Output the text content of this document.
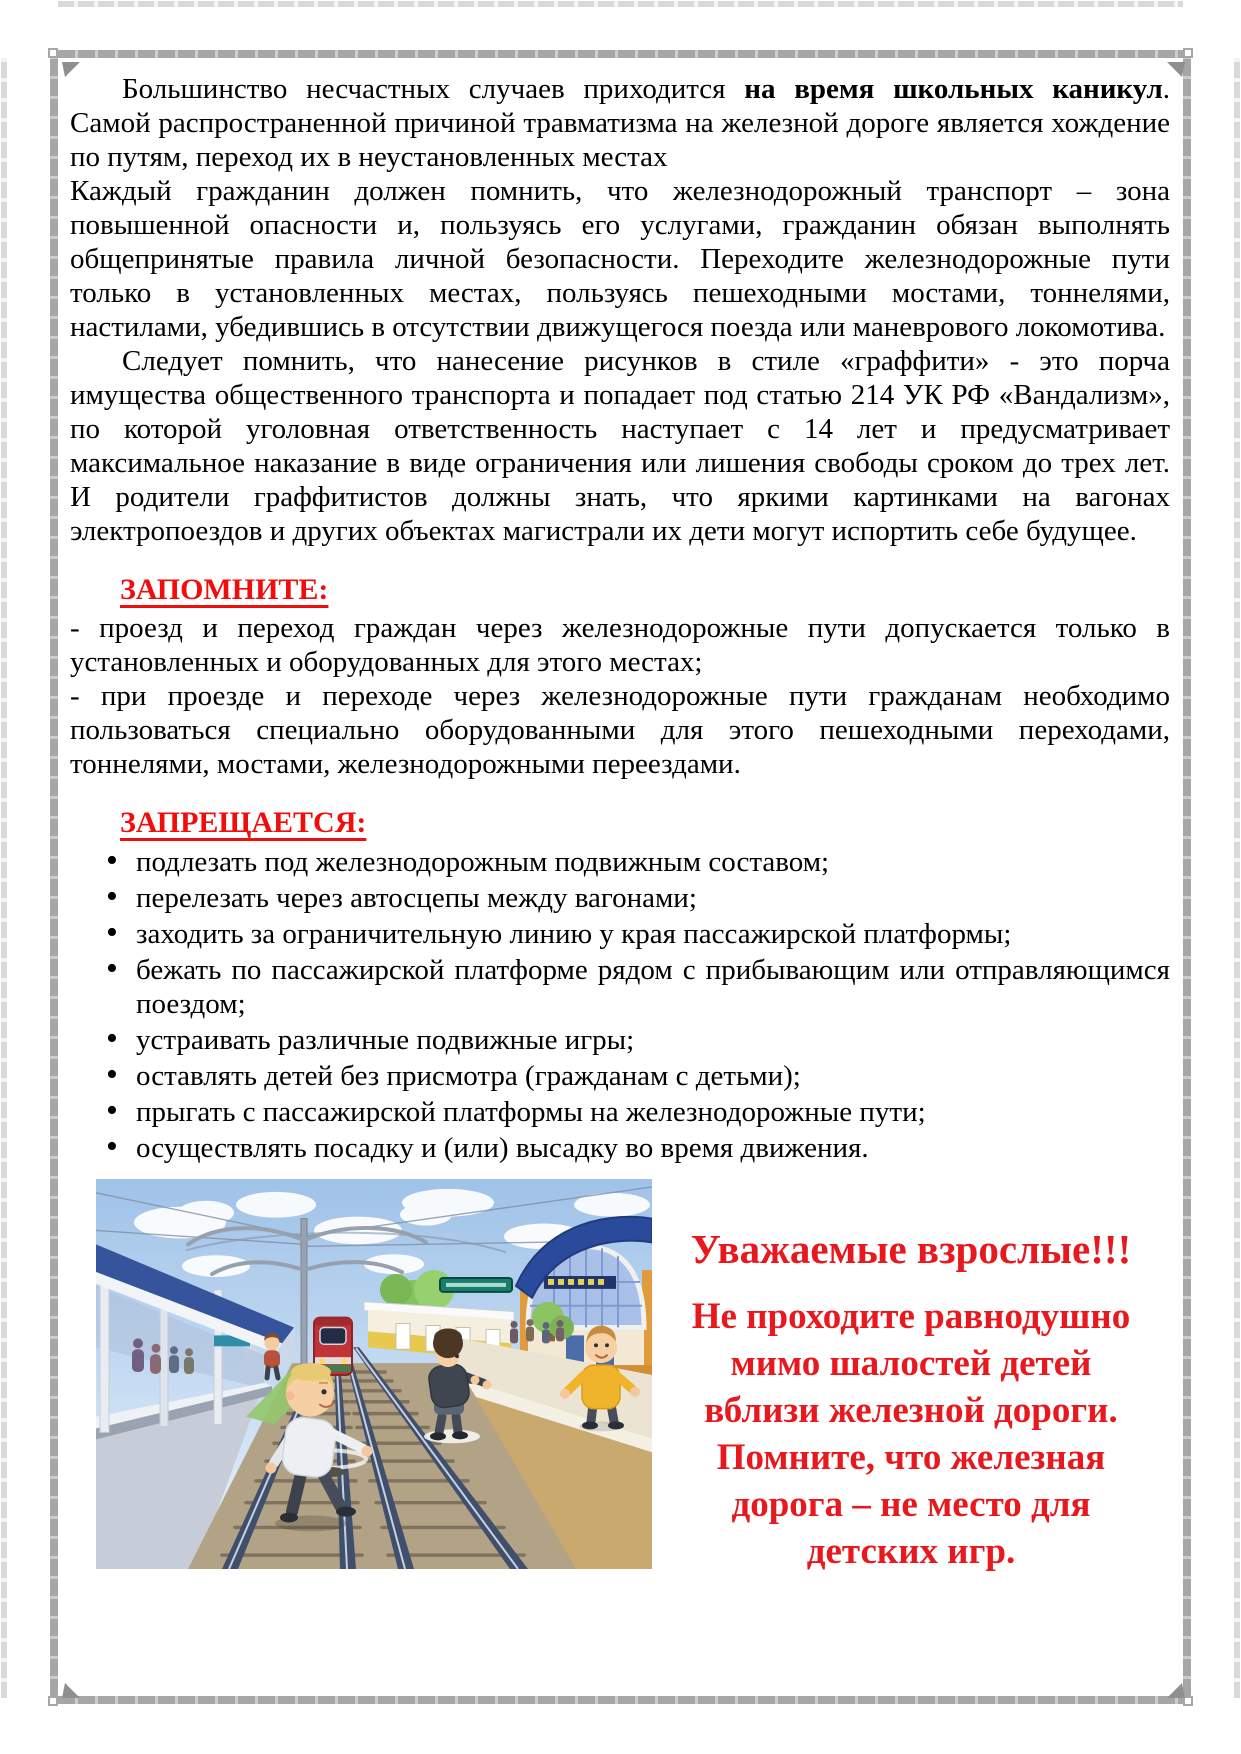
Большинство несчастных случаев приходится на время школьных каникул. Самой распространенной причиной травматизма на железной дороге является хождение по путям, переход их в неустановленных местах

Каждый гражданин должен помнить, что железнодорожный транспорт – зона повышенной опасности и, пользуясь его услугами, гражданин обязан выполнять общепринятые правила личной безопасности. Переходите железнодорожные пути только в установленных местах, пользуясь пешеходными мостами, тоннелями, настилами, убедившись в отсутствии движущегося поезда или маневрового локомотива.

Следует помнить, что нанесение рисунков в стиле «граффити» - это порча имущества общественного транспорта и попадает под статью 214 УК РФ «Вандализм», по которой уголовная ответственность наступает с 14 лет и предусматривает максимальное наказание в виде ограничения или лишения свободы сроком до трех лет. И родители граффитистов должны знать, что яркими картинками на вагонах электропоездов и других объектах магистрали их дети могут испортить себе будущее.

ЗАПОМНИТЕ:

- проезд и переход граждан через железнодорожные пути допускается только в установленных и оборудованных для этого местах;

- при проезде и переходе через железнодорожные пути гражданам необходимо пользоваться специально оборудованными для этого пешеходными переходами, тоннелями, мостами, железнодорожными переездами.

ЗАПРЕЩАЕТСЯ:
• подлезать под железнодорожным подвижным составом;
• перелезать через автосцепы между вагонами;
• заходить за ограничительную линию у края пассажирской платформы;
• бежать по пассажирской платформе рядом с прибывающим или отправляющимся поездом;
• устраивать различные подвижные игры;
• оставлять детей без присмотра (гражданам с детьми);
• прыгать с пассажирской платформы на железнодорожные пути;
• осуществлять посадку и (или) высадку во время движения.
Уважаемые взрослые!!!
Не проходите равнодушно
мимо шалостей детей
вблизи железной дороги.
Помните, что железная
дорога – не место для
детских игр.
